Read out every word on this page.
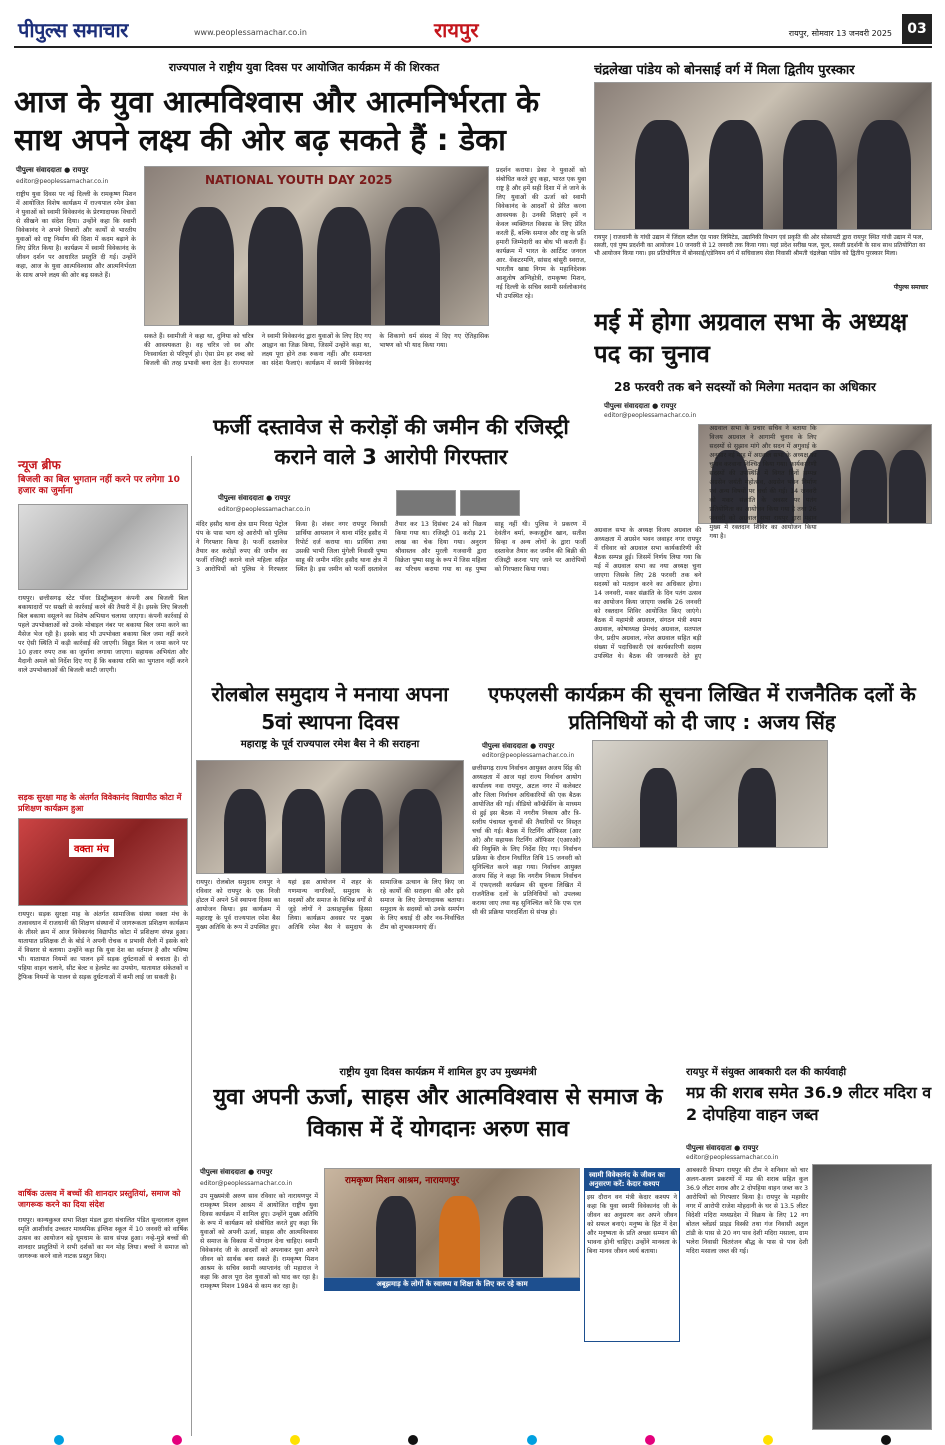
पीपुल्स समाचार	www.peoplessamachar.co.in	रायपुर	रायपुर, सोमवार 13 जनवरी 2025	03
राज्यपाल ने राष्ट्रीय युवा दिवस पर आयोजित कार्यक्रम में की शिरकत
आज के युवा आत्मविश्वास और आत्मनिर्भरता के साथ अपने लक्ष्य की ओर बढ़ सकते हैं : डेका
पीपुल्स संवाददाता ● रायपुर
editor@peoplessamachar.co.in
राष्ट्रीय युवा दिवस पर नई दिल्ली के रामकृष्ण मिशन में आयोजित विशेष कार्यक्रम में राज्यपाल रमेन डेका ने युवाओं को स्वामी विवेकानंद के प्रेरणादायक विचारों से सीखने का संदेश दिया। उन्होंने कहा कि स्वामी विवेकानंद ने अपने विचारों और कार्यों से भारतीय युवाओं को राष्ट्र निर्माण की दिशा में कदम बढ़ाने के लिए प्रेरित किया है। कार्यक्रम में स्वामी विवेकानंद के जीवन दर्शन पर आधारित प्रस्तुति दी गई। उन्होंने कहा, आज के युवा आत्मविश्वास और आत्मनिर्भरता के साथ अपने लक्ष्य की ओर बढ़ सकते हैं।
NATIONAL YOUTH DAY 2025
प्रदर्शन कराया। डेका ने युवाओं को संबोधित करते हुए कहा, भारत एक युवा राष्ट्र है और हमें सही दिशा में ले जाने के लिए युवाओं की ऊर्जा को स्वामी विवेकानंद के आदर्शों से प्रेरित करना आवश्यक है। उनकी शिक्षाएं हमें न केवल व्यक्तिगत विकास के लिए प्रेरित करती हैं, बल्कि समाज और राष्ट्र के प्रति हमारी जिम्मेदारी का बोध भी कराती हैं। कार्यक्रम में भारत के आर्टिस्ट जनरल आर. वेंकटरमणि, सांसद बांसुरी स्वराज, भारतीय खाद्य निगम के महानिदेशक आशुतोष अग्निहोत्री, रामकृष्ण मिशन, नई दिल्ली के सचिव स्वामी सर्वलोकानंद भी उपस्थित रहे।
सकते हैं। स्वामीजी ने कहा था, दुनिया को चरित्र की आवश्यकता है। वह चरित्र जो स्व और निःस्वार्थता से परिपूर्ण हो। ऐसा प्रेम हर शब्द को बिजली की तरह प्रभावी बना देता है। राज्यपाल ने स्वामी विवेकानंद द्वारा युवाओं के लिए दिए गए आह्वान का जिक्र किया, जिसमें उन्होंने कहा था, लक्ष्य पूरा होने तक रुकना नहीं। और समानता का संदेश फैलाएं। कार्यक्रम में स्वामी विवेकानंद के शिकागो धर्म संसद में दिए गए ऐतिहासिक भाषण को भी याद किया गया।
चंद्रलेखा पांडेय को बोनसाई वर्ग में मिला द्वितीय पुरस्कार
रायपुर | राजधानी के गांधी उद्यान में जिंदल स्टील एंड पावर लिमिटेड, उद्यानिकी विभाग एवं प्रकृति की ओर सोसायटी द्वारा रायपुर स्थित गांधी उद्यान में फल, सब्जी, एवं पुष्प प्रदर्शनी का आयोजन 10 जनवरी से 12 जनवरी तक किया गया। यहां प्रदेश सरीख फल, फूल, सब्जी प्रदर्शनी के साथ साथ प्रतियोगिता का भी आयोजन किया गया। इस प्रतियोगिता में बोनसाई/एडेनियम वर्ग में सचिवालय सेवा निवासी श्रीमती चंद्रलेखा पांडेय को द्वितीय पुरस्कार मिला।
पीपुल्स समाचार
मई में होगा अग्रवाल सभा के अध्यक्ष पद का चुनाव
28 फरवरी तक बने सदस्यों को मिलेगा मतदान का अधिकार
पीपुल्स संवाददाता ● रायपुर
editor@peoplessamachar.co.in
अग्रवाल सभा के अध्यक्ष विजय अग्रवाल की अध्यक्षता में अग्रसेन भवन जवाहर नगर रायपुर में रविवार को अग्रवाल सभा कार्यकारिणी की बैठक सम्पन्न हुई। जिसमें निर्णय लिया गया कि मई में अग्रवाल सभा का नया अध्यक्ष चुना जाएगा जिसके लिए 28 फरवरी तक बने सदस्यों को मतदान करने का अधिकार होगा। 14 जनवरी, मकर संक्रांति के दिन पतंग उत्सव का आयोजन किया जाएगा जबकि 26 जनवरी को रक्तदान शिविर आयोजित किए जाएंगे। बैठक में महामंत्री अग्रवाल, संगठन मंत्री श्याम अग्रवाल, कोषाध्यक्ष प्रेमचंद अग्रवाल, सतपाल जैन, प्रदीप अग्रवाल, नरेश अग्रवाल सहित बड़ी संख्या में पदाधिकारी एवं कार्यकारिणी सदस्य उपस्थित थे। बैठक की जानकारी देते हुए अग्रवाल सभा के प्रचार सचिव ने बताया कि विजय अग्रवाल ने आगामी चुनाव के लिए सदस्यों से सुझाव मांगे और सदन में अगुवाई के अनुसार नई माह में अग्रवाल सभा के अध्यक्ष का चुनाव करवाना निश्चित किया गया। कार्यकारिणी सदस्यों की उपस्थिति में विगत दिनों सम्पन्न अग्रसेन जयंती महोत्सव, अग्रसेन भवन निर्माण एवं अन्य विषयों पर चर्चा की गई। 14 जनवरी को मकर संक्रांति के अवसर पर पतंग प्रतियोगिता का आयोजन किया गया है तथा 26 जनवरी को अग्रवाल सभा रायपुर द्वारा महान मुख्य में रक्तदान शिविर का आयोजन किया गया है।
न्यूज ब्रीफ
बिजली का बिल भुगतान नहीं करने पर लगेगा 10 हजार का जुर्माना
रायपुर। छत्तीसगढ़ स्टेट पॉवर डिस्ट्रीब्यूशन कंपनी अब बिजली बिल बकायादारों पर सख्ती से कार्रवाई करने की तैयारी में है। इसके लिए बिजली बिल बकाया वसूलने का विशेष अभियान चलाया जाएगा। कंपनी कार्रवाई से पहले उपभोक्ताओं को उनके मोबाइल नंबर पर बकाया बिल जमा करने का मैसेज भेज रही है। इसके बाद भी उपभोक्ता बकाया बिल जमा नहीं करने पर ऐसी स्थिति में कड़ी कार्रवाई की जाएगी। विद्युत बिल न जमा करने पर 10 हजार रुपए तक का जुर्माना लगाया जाएगा। सहायक अभियंता और मैदानी अमले को निर्देश दिए गए हैं कि बकाया राशि का भुगतान नहीं करने वाले उपभोक्ताओं की बिजली काटी जाएगी।
सड़क सुरक्षा माह के अंतर्गत विवेकानंद विद्यापीठ कोटा में प्रशिक्षण कार्यक्रम हुआ
वक्ता मंच
रायपुर। सड़क सुरक्षा माह के अंतर्गत सामाजिक संस्था वक्ता मंच के तत्वावधान में राजधानी की शिक्षण संस्थानों में जागरूकता प्रशिक्षण कार्यक्रम के तीसरे क्रम में आज विवेकानंद विद्यापीठ कोटा में प्रशिक्षण संपन्न हुआ। यातायात प्रशिक्षक टी के बोर्ड ने अपनी रोचक व प्रभावी शैली में इसके बारे में विस्तार से बताया। उन्होंने कहा कि युवा देश का वर्तमान है और भविष्य भी। यातायात नियमों का पालन हमें सड़क दुर्घटनाओं से बचाता है। दो पहिया वाहन चलाने, सीट बेल्ट व हेलमेट का उपयोग, यातायात संकेतकों व ट्रैफिक नियमों के पालन से सड़क दुर्घटनाओं में कमी लाई जा सकती है।
वार्षिक उत्सव में बच्चों की शानदार प्रस्तुतियां, समाज को जागरूक करने का दिया संदेश
रायपुर। कान्यकुब्ज सभा शिक्षा मंडल द्वारा संचालित पंडित सुन्दरलाल शुक्ल स्मृति आशीर्वाद उच्चतर माध्यमिक इंग्लिश स्कूल में 10 जनवरी को वार्षिक उत्सव का आयोजन बड़े धूमधाम के साथ संपन्न हुआ। नन्हे-मुन्ने बच्चों की शानदार प्रस्तुतियों ने सभी दर्शकों का मन मोह लिया। बच्चों ने समाज को जागरूक करने वाले नाटक प्रस्तुत किए।
फर्जी दस्तावेज से करोड़ों की जमीन की रजिस्ट्री कराने वाले 3 आरोपी गिरफ्तार
पीपुल्स संवाददाता ● रायपुर
editor@peoplessamachar.co.in
मंदिर हसौद थाना क्षेत्र ग्राम पिरदा पेट्रोल पंप के पास भाग रहे आरोपी को पुलिस ने गिरफ्तार किया है। फर्जी दस्तावेज तैयार कर करोड़ों रुपए की जमीन का फर्जी रजिस्ट्री कराने वाले महिला सहित 3 आरोपियों को पुलिस ने गिरफ्तार किया है। शंकर नगर रायपुर निवासी प्रार्थिया आयशान ने थाना मंदिर हसौद में रिपोर्ट दर्ज कराया था। प्रार्थिया तथा उसकी भाभी जिला मुंगेली निवासी पुष्पा साहू की जमीन मंदिर हसौद थाना क्षेत्र में स्थित है। इस जमीन को फर्जी दस्तावेज तैयार कर 13 दिसंबर 24 को विक्रय किया गया था। रजिस्ट्री 01 करोड़ 21 लाख का चेक दिया गया। अनुराग श्रीवास्तव और मुरली गजवानी द्वारा विक्रेता पुष्पा साहू के रूप में जिस महिला का परिचय कराया गया था वह पुष्पा साहू नहीं थी। पुलिस ने प्रकरण में देवंतीन बर्मा, रूकजुद्दीन खान, सतीश सिन्हा व अन्य लोगों के द्वारा फर्जी दस्तावेज तैयार कर जमीन की बिक्री की रजिस्ट्री करना पाए जाने पर आरोपियों को गिरफ्तार किया गया।
रोलबोल समुदाय ने मनाया अपना 5वां स्थापना दिवस
महाराष्ट्र के पूर्व राज्यपाल रमेश बैस ने की सराहना
रायपुर। रोलबोल समुदाय रायपुर ने रविवार को रायपुर के एक निजी होटल में अपने 5वें स्थापना दिवस का आयोजन किया। इस कार्यक्रम में महाराष्ट्र के पूर्व राज्यपाल रमेश बैस मुख्य अतिथि के रूप में उपस्थित हुए। यहां इस आयोजन में शहर के गणमान्य नागरिकों, समुदाय के सदस्यों और समाज के विभिन्न वर्गों से जुड़े लोगों ने उत्साहपूर्वक हिस्सा लिया। कार्यक्रम अवसर पर मुख्य अतिथि रमेश बैस ने समुदाय के सामाजिक उत्थान के लिए किए जा रहे कार्यों की सराहना की और इसे समाज के लिए प्रेरणादायक बताया। समुदाय के सदस्यों को उनके समर्पण के लिए बधाई दी और नव-निर्वाचित टीम को शुभकामनाएं दीं।
एफएलसी कार्यक्रम की सूचना लिखित में राजनैतिक दलों के प्रतिनिधियों को दी जाए : अजय सिंह
पीपुल्स संवाददाता ● रायपुर
editor@peoplessamachar.co.in
छत्तीसगढ़ राज्य निर्वाचन आयुक्त अजय सिंह की अध्यक्षता में आज यहां राज्य निर्वाचन आयोग कार्यालय नवा रायपुर, अटल नगर में कलेक्टर और जिला निर्वाचन अधिकारियों की एक बैठक आयोजित की गई। वीडियो कॉन्फ्रेंसिंग के माध्यम से हुई इस बैठक में नगरीय निकाय और त्रि-स्तरीय पंचायत चुनावों की तैयारियों पर विस्तृत चर्चा की गई। बैठक में रिटर्निंग ऑफिसर (आर ओ) और सहायक रिटर्निंग ऑफिसर (एआरओ) की नियुक्ति के लिए निर्देश दिए गए। निर्वाचन प्रक्रिया के दौरान निर्धारित तिथि 15 जनवरी को सुनिश्चित करने कहा गया। निर्वाचन आयुक्त अजय सिंह ने कहा कि नगरीय निकाय निर्वाचन में एफएलसी कार्यक्रम की सूचना लिखित में राजनैतिक दलों के प्रतिनिधियों को उपलब्ध कराया जाए तथा यह सुनिश्चित करें कि एफ एल सी की प्रक्रिया पारदर्शिता से संपन्न हो।
राष्ट्रीय युवा दिवस कार्यक्रम में शामिल हुए उप मुख्यमंत्री
युवा अपनी ऊर्जा, साहस और आत्मविश्वास से समाज के विकास में दें योगदानः अरुण साव
पीपुल्स संवाददाता ● रायपुर
editor@peoplessamachar.co.in	रामकृष्ण मिशन आश्रम, नारायणपुर
अबूझमाड़ के लोगों के स्वास्थ्य व शिक्षा के लिए कर रहे काम
उप मुख्यमंत्री अरुण साव रविवार को नारायणपुर में रामकृष्ण मिशन आश्रम में आयोजित राष्ट्रीय युवा दिवस कार्यक्रम में शामिल हुए। उन्होंने मुख्य अतिथि के रूप में कार्यक्रम को संबोधित करते हुए कहा कि युवाओं को अपनी ऊर्जा, साहस और आत्मविश्वास से समाज के विकास में योगदान देना चाहिए। स्वामी विवेकानंद जी के आदर्शों को अपनाकर युवा अपने जीवन को सार्थक बना सकते हैं। रामकृष्ण मिशन आश्रम के सचिव स्वामी व्याप्तानंद जी महाराज ने कहा कि आज पूरा देश युवाओं को याद कर रहा है। रामकृष्ण मिशन 1984 से काम कर रहा है।
स्वामी विवेकानंद के जीवन का अनुसरण करें: केदार कश्यप
इस दौरान वन मंत्री केदार कश्यप ने कहा कि युवा स्वामी विवेकानंद जी के जीवन का अनुसरण कर अपने जीवन को सफल बनाएं। मनुष्य के हित में देश और मनुष्यता के प्रति अच्छा सम्मान की भावना होनी चाहिए। उन्होंने मानवता के बिना मानव जीवन व्यर्थ बताया।
रायपुर में संयुक्त आबकारी दल की कार्यवाही
मप्र की शराब समेत 36.9 लीटर मदिरा व 2 दोपहिया वाहन जब्त
पीपुल्स संवाददाता ● रायपुर
editor@peoplessamachar.co.in
आबकारी विभाग रायपुर की टीम ने शनिवार को चार अलग-अलग प्रकरणों में मप्र की शराब सहित कुल 36.9 लीटर शराब और 2 दोपहिया वाहन जब्त कर 3 आरोपियों को गिरफ्तार किया है। रायपुर के महावीर नगर में आरोपी राजेश मोहदानी के घर से 13.5 लीटर विदेशी मदिरा मध्यप्रदेश में विक्रय के लिए 12 नग बोतल ब्लेंडर्स प्राइड विस्की तथा गंज निवासी अतुल टांडी के पास से 20 नग पाव देशी मदिरा मसाला, ग्राम भलेरा निवासी चितरंजन बौद्ध के पास से पाव देशी मदिरा मसाला जब्त की गई।
